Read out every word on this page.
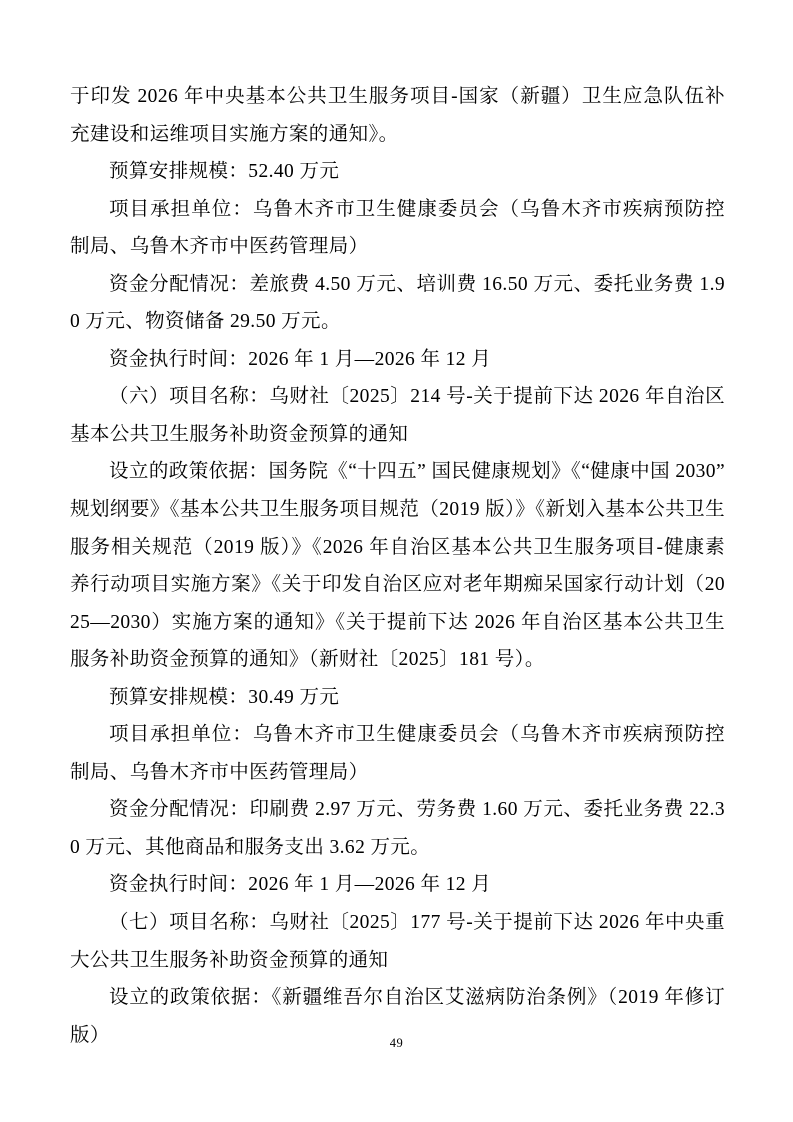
于印发 2026 年中央基本公共卫生服务项目-国家（新疆）卫生应急队伍补充建设和运维项目实施方案的通知》。

预算安排规模：52.40 万元

项目承担单位：乌鲁木齐市卫生健康委员会（乌鲁木齐市疾病预防控制局、乌鲁木齐市中医药管理局）

资金分配情况：差旅费 4.50 万元、培训费 16.50 万元、委托业务费 1.90 万元、物资储备 29.50 万元。

资金执行时间：2026 年 1 月—2026 年 12 月

（六）项目名称：乌财社〔2025〕214 号-关于提前下达 2026 年自治区基本公共卫生服务补助资金预算的通知

设立的政策依据：国务院《“十四五” 国民健康规划》《“健康中国 2030”规划纲要》《基本公共卫生服务项目规范（2019 版）》《新划入基本公共卫生服务相关规范（2019 版）》《2026 年自治区基本公共卫生服务项目-健康素养行动项目实施方案》《关于印发自治区应对老年期痴呆国家行动计划（2025—2030）实施方案的通知》《关于提前下达 2026 年自治区基本公共卫生服务补助资金预算的通知》（新财社〔2025〕181 号）。

预算安排规模：30.49 万元

项目承担单位：乌鲁木齐市卫生健康委员会（乌鲁木齐市疾病预防控制局、乌鲁木齐市中医药管理局）

资金分配情况：印刷费 2.97 万元、劳务费 1.60 万元、委托业务费 22.30 万元、其他商品和服务支出 3.62 万元。

资金执行时间：2026 年 1 月—2026 年 12 月

（七）项目名称：乌财社〔2025〕177 号-关于提前下达 2026 年中央重大公共卫生服务补助资金预算的通知

设立的政策依据：《新疆维吾尔自治区艾滋病防治条例》（2019 年修订版）	49
